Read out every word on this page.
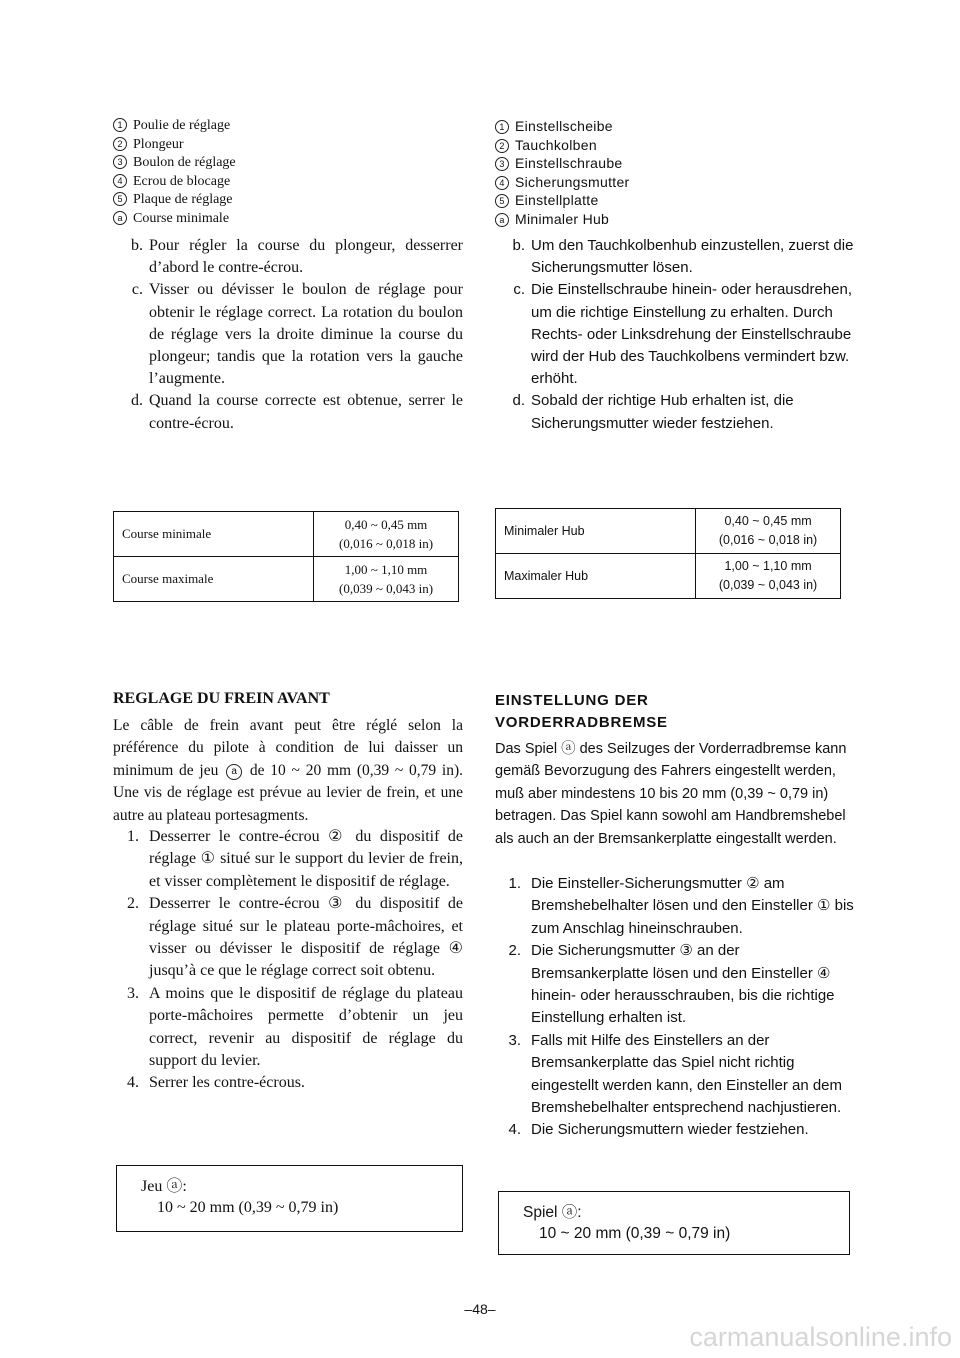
1 Poulie de réglage
2 Plongeur
3 Boulon de réglage
4 Ecrou de blocage
5 Plaque de réglage
a Course minimale
b. Pour régler la course du plongeur, desserrer d’abord le contre-écrou.
c. Visser ou dévisser le boulon de réglage pour obtenir le réglage correct. La rotation du boulon de réglage vers la droite diminue la course du plongeur; tandis que la rotation vers la gauche l’augmente.
d. Quand la course correcte est obtenue, serrer le contre-écrou.
Course minimale	0,40 ~ 0,45 mm
(0,016 ~ 0,018 in)

Course maximale	1,00 ~ 1,10 mm
(0,039 ~ 0,043 in)
REGLAGE DU FREIN AVANT
Le câble de frein avant peut être réglé selon la préférence du pilote à condition de lui daisser un minimum de jeu a de 10 ~ 20 mm (0,39 ~ 0,79 in). Une vis de réglage est prévue au levier de frein, et une autre au plateau portesagments.
1. Desserrer le contre-écrou ② du dispositif de réglage ① situé sur le support du levier de frein, et visser complètement le dispositif de réglage.
2. Desserrer le contre-écrou ③ du dispositif de réglage situé sur le plateau porte-mâchoires, et visser ou dévisser le dispositif de réglage ④ jusqu’à ce que le réglage correct soit obtenu.
3. A moins que le dispositif de réglage du plateau porte-mâchoires permette d’obtenir un jeu correct, revenir au dispositif de réglage du support du levier.
4. Serrer les contre-écrous.
Jeu ⓐ:
10 ~ 20 mm (0,39 ~ 0,79 in)
1 Einstellscheibe
2 Tauchkolben
3 Einstellschraube
4 Sicherungsmutter
5 Einstellplatte
a Minimaler Hub
b. Um den Tauchkolbenhub einzustellen, zuerst die Sicherungsmutter lösen.
c. Die Einstellschraube hinein- oder herausdrehen, um die richtige Einstellung zu erhalten. Durch Rechts- oder Linksdrehung der Einstellschraube wird der Hub des Tauchkolbens vermindert bzw. erhöht.
d. Sobald der richtige Hub erhalten ist, die Sicherungsmutter wieder festziehen.
Minimaler Hub	0,40 ~ 0,45 mm
(0,016 ~ 0,018 in)

Maximaler Hub	1,00 ~ 1,10 mm
(0,039 ~ 0,043 in)
EINSTELLUNG DER
VORDERRADBREMSE
Das Spiel ⓐ des Seilzuges der Vorderradbremse kann gemäß Bevorzugung des Fahrers eingestellt werden, muß aber mindestens 10 bis 20 mm (0,39 ~ 0,79 in) betragen. Das Spiel kann sowohl am Handbremshebel als auch an der Bremsankerplatte eingestallt werden.
1. Die Einsteller-Sicherungsmutter ② am Bremshebelhalter lösen und den Einsteller ① bis zum Anschlag hineinschrauben.
2. Die Sicherungsmutter ③ an der Bremsankerplatte lösen und den Einsteller ④ hinein- oder herausschrauben, bis die richtige Einstellung erhalten ist.
3. Falls mit Hilfe des Einstellers an der Bremsankerplatte das Spiel nicht richtig eingestellt werden kann, den Einsteller an dem Bremshebelhalter entsprechend nachjustieren.
4. Die Sicherungsmuttern wieder festziehen.
Spiel ⓐ:
10 ~ 20 mm (0,39 ~ 0,79 in)
–48–
carmanualsonline.info
